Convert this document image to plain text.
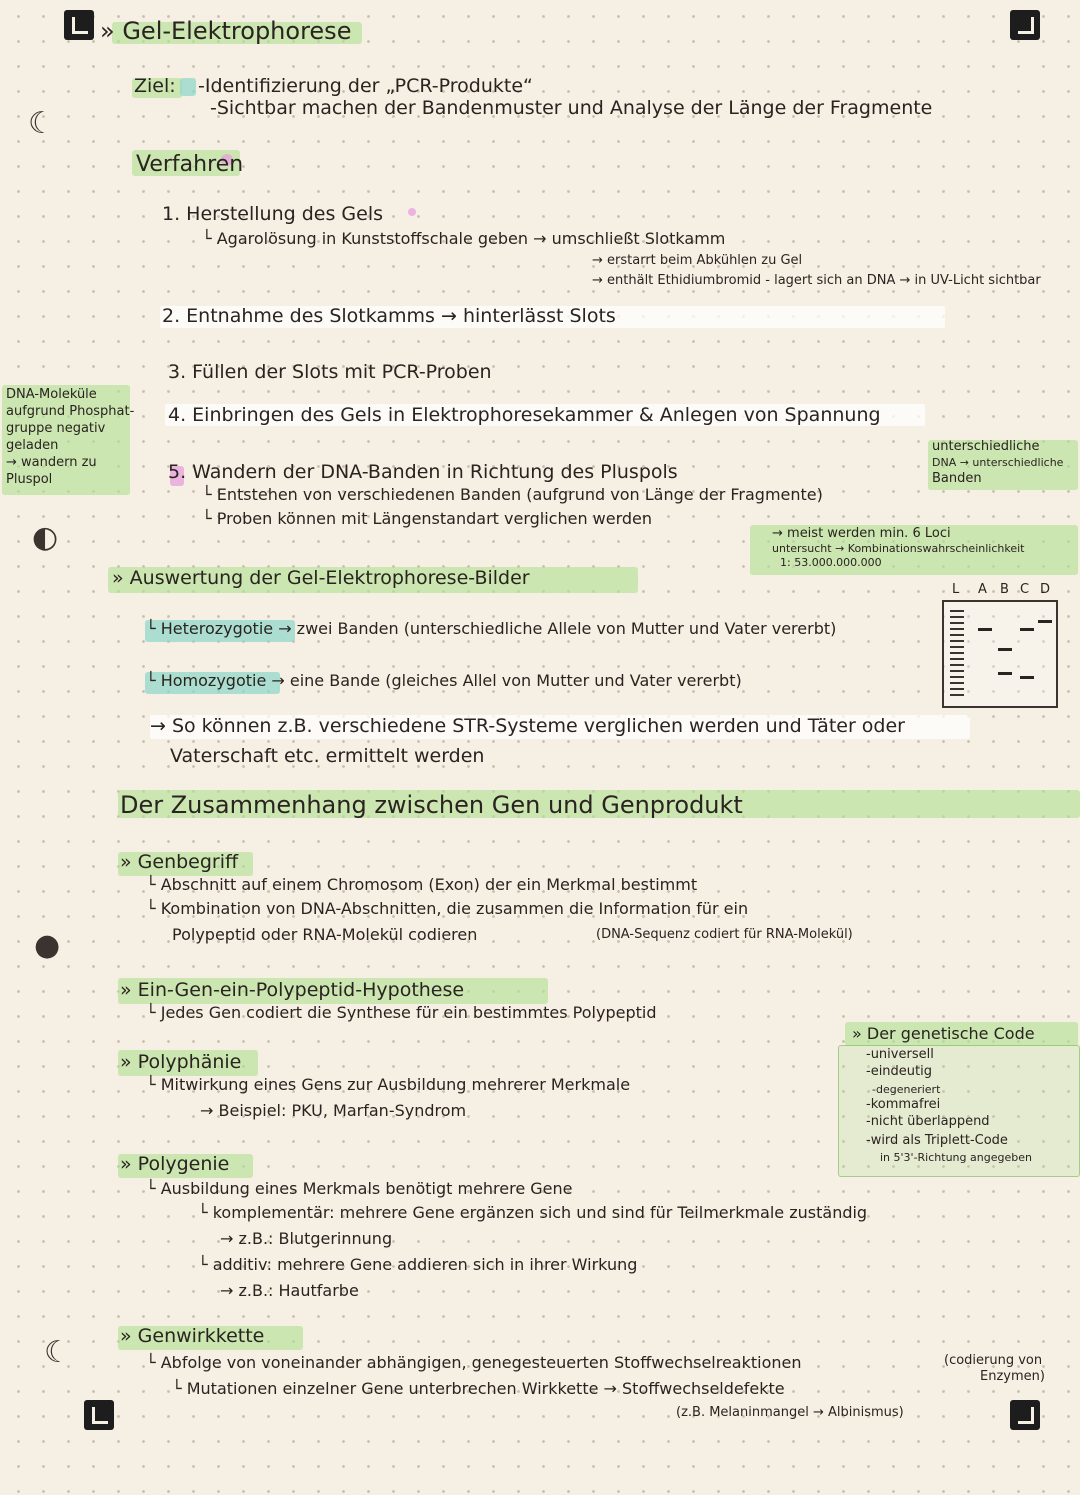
☾
◐
●
☾
» Gel-Elektrophorese
Ziel: -Identifizierung der „PCR-Produkte“
-Sichtbar machen der Bandenmuster und Analyse der Länge der Fragmente
Verfahren
1. Herstellung des Gels
└ Agarolösung in Kunststoffschale geben → umschließt Slotkamm
→ erstarrt beim Abkühlen zu Gel
→ enthält Ethidiumbromid - lagert sich an DNA → in UV-Licht sichtbar
2. Entnahme des Slotkamms → hinterlässt Slots
3. Füllen der Slots mit PCR-Proben
4. Einbringen des Gels in Elektrophoresekammer & Anlegen von Spannung
5. Wandern der DNA-Banden in Richtung des Pluspols
└ Entstehen von verschiedenen Banden (aufgrund von Länge der Fragmente)
└ Proben können mit Längenstandart verglichen werden
DNA-Moleküle
aufgrund Phosphat-
gruppe negativ
geladen
→ wandern zu
Pluspol
unterschiedliche
DNA → unterschiedliche
Banden
→ meist werden min. 6 Loci
untersucht → Kombinationswahrscheinlichkeit
1: 53.000.000.000
» Auswertung der Gel-Elektrophorese-Bilder
└ Heterozygotie → zwei Banden (unterschiedliche Allele von Mutter und Vater vererbt)
└ Homozygotie → eine Bande (gleiches Allel von Mutter und Vater vererbt)
→ So können z.B. verschiedene STR-Systeme verglichen werden und Täter oder
Vaterschaft etc. ermittelt werden
L A B C D
Der Zusammenhang zwischen Gen und Genprodukt
» Genbegriff
└ Abschnitt auf einem Chromosom (Exon) der ein Merkmal bestimmt
└ Kombination von DNA-Abschnitten, die zusammen die Information für ein
Polypeptid oder RNA-Molekül codieren	(DNA-Sequenz codiert für RNA-Molekül)
» Ein-Gen-ein-Polypeptid-Hypothese
└ Jedes Gen codiert die Synthese für ein bestimmtes Polypeptid
» Der genetische Code
-universell
-eindeutig
-degeneriert
-kommafrei
-nicht überlappend
-wird als Triplett-Code
in 5'3'-Richtung angegeben
» Polyphänie
└ Mitwirkung eines Gens zur Ausbildung mehrerer Merkmale
→ Beispiel: PKU, Marfan-Syndrom
» Polygenie
└ Ausbildung eines Merkmals benötigt mehrere Gene
└ komplementär: mehrere Gene ergänzen sich und sind für Teilmerkmale zuständig
→ z.B.: Blutgerinnung
└ additiv: mehrere Gene addieren sich in ihrer Wirkung
→ z.B.: Hautfarbe
» Genwirkkette
└ Abfolge von voneinander abhängigen, genegesteuerten Stoffwechselreaktionen	(codierung von
Enzymen)
└ Mutationen einzelner Gene unterbrechen Wirkkette → Stoffwechseldefekte
(z.B. Melaninmangel → Albinismus)
